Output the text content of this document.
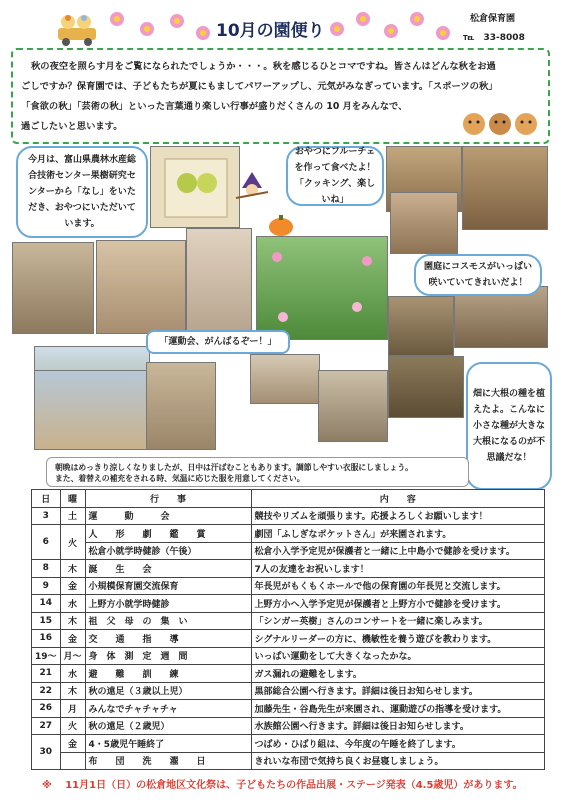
10月の園便り
松倉保育園
℡　33-8008
秋の夜空を照らす月をご覧になられたでしょうか・・・。秋を感じるひとコマですね。皆さんはどんな秋をお過
ごしですか？保育園では、子どもたちが夏にもましてパワーアップし、元気がみなぎっています。「スポーツの秋」
「食欲の秋」「芸術の秋」といった言葉通り楽しい行事が盛りだくさんの 10 月をみんなで、
過ごしたいと思います。
今月は、富山県農林水産総合技術センター果樹研究センターから「なし」をいただき、おやつにいただいています。
おやつにフルーチェを作って食べたよ！「クッキング、楽しいね」
園庭にコスモスがいっぱい咲いていてきれいだよ！
「運動会、がんばるぞー！」
畑に大根の種を植えたよ。こんなに小さな種が大きな大根になるのが不思議だな！
朝晩はめっきり涼しくなりましたが、日中は汗ばむこともあります。調節しやすい衣服にしましょう。
また、着替えの補充をされる時、気温に応じた服を用意してください。
日	曜	行　　事	内　　容
3	土	運　　　動　　　会	競技やリズムを頑張ります。応援よろしくお願いします！
6	火	人　　形　　劇　　鑑　　賞	劇団「ふしぎなポケットさん」が来園されます。
		松倉小就学時健診（午後）	松倉小入学予定児が保護者と一緒に上中島小で健診を受けます。
8	木	誕　　生　　会	7人の友達をお祝いします！
9	金	小規模保育園交流保育	年長児がもくもくホールで他の保育園の年長児と交流します。
14	水	上野方小就学時健診	上野方小へ入学予定児が保護者と上野方小で健診を受けます。
15	木	祖　父　母　の　集　い	「シンガー英樹」さんのコンサートを一緒に楽しみます。
16	金	交　　通　　指　　導	シグナルリーダーの方に、機敏性を養う遊びを教わります。
19～	月～	身　体　測　定　週　間	いっぱい運動をして大きくなったかな。
21	水	避　　難　　訓　　練	ガス漏れの避難をします。
22	木	秋の遠足（３歳以上児）	黒部総合公園へ行きます。詳細は後日お知らせします。
26	月	みんなでチャチャチャ	加藤先生・谷島先生が来園され、運動遊びの指導を受けます。
27	火	秋の遠足（２歳児）	水族館公園へ行きます。詳細は後日お知らせします。
30	金	4・5歳児午睡終了	つばめ・ひばり組は、今年度の午睡を終了します。
		布　　団　　洗　　濯　　日	きれいな布団で気持ち良くお昼寝しましょう。
※ 11月1日（日）の松倉地区文化祭は、子どもたちの作品出展・ステージ発表（4.5歳児）があります。
